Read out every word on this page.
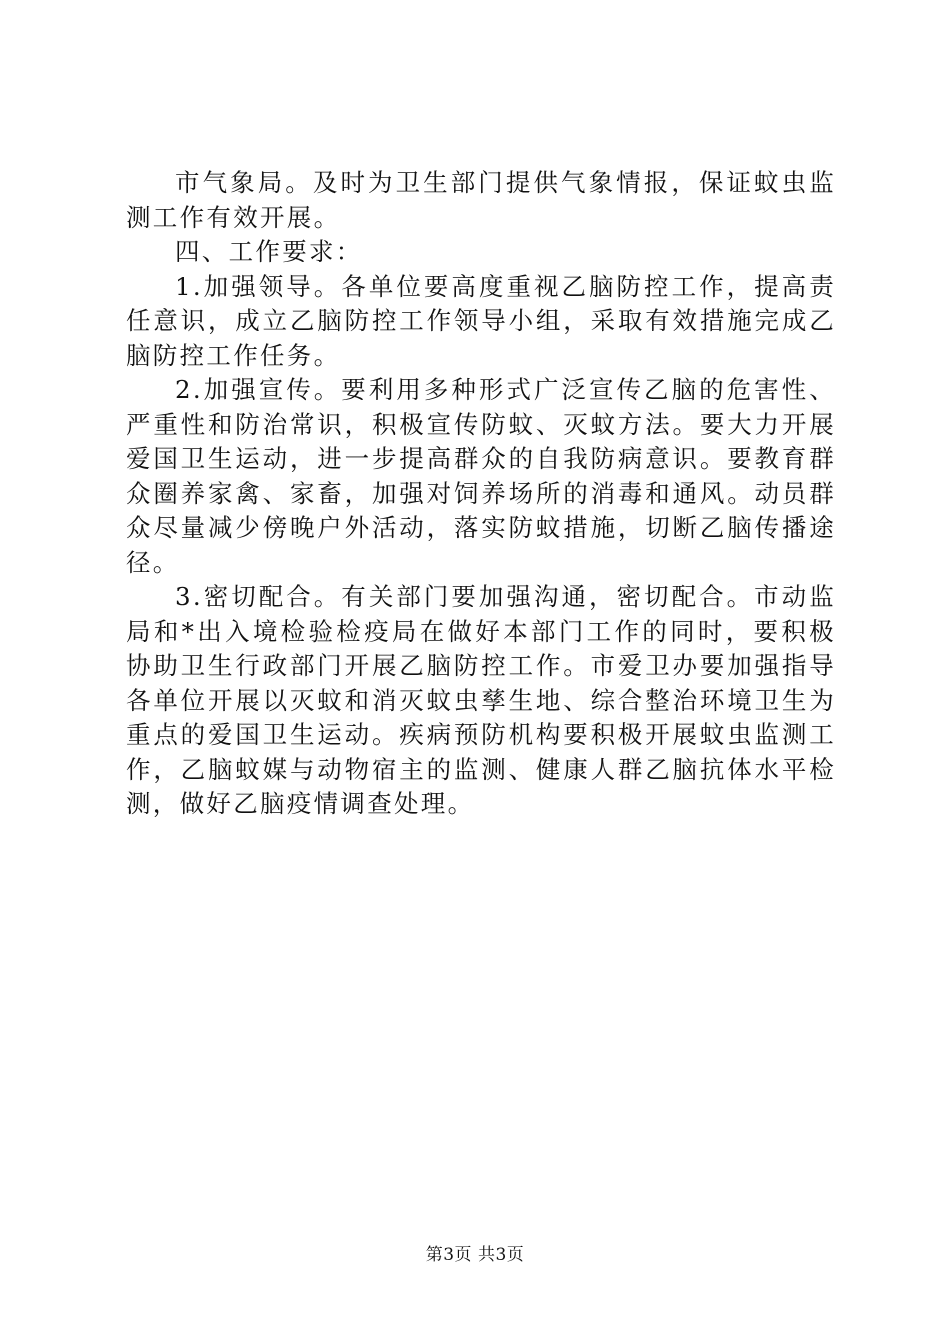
市气象局。及时为卫生部门提供气象情报，保证蚊虫监测工作有效开展。

四、工作要求：

1.加强领导。各单位要高度重视乙脑防控工作，提高责任意识，成立乙脑防控工作领导小组，采取有效措施完成乙脑防控工作任务。

2.加强宣传。要利用多种形式广泛宣传乙脑的危害性、严重性和防治常识，积极宣传防蚊、灭蚊方法。要大力开展爱国卫生运动，进一步提高群众的自我防病意识。要教育群众圈养家禽、家畜，加强对饲养场所的消毒和通风。动员群众尽量减少傍晚户外活动，落实防蚊措施，切断乙脑传播途径。

3.密切配合。有关部门要加强沟通，密切配合。市动监局和*出入境检验检疫局在做好本部门工作的同时，要积极协助卫生行政部门开展乙脑防控工作。市爱卫办要加强指导各单位开展以灭蚊和消灭蚊虫孳生地、综合整治环境卫生为重点的爱国卫生运动。疾病预防机构要积极开展蚊虫监测工作，乙脑蚊媒与动物宿主的监测、健康人群乙脑抗体水平检测，做好乙脑疫情调查处理。

第3页 共3页
